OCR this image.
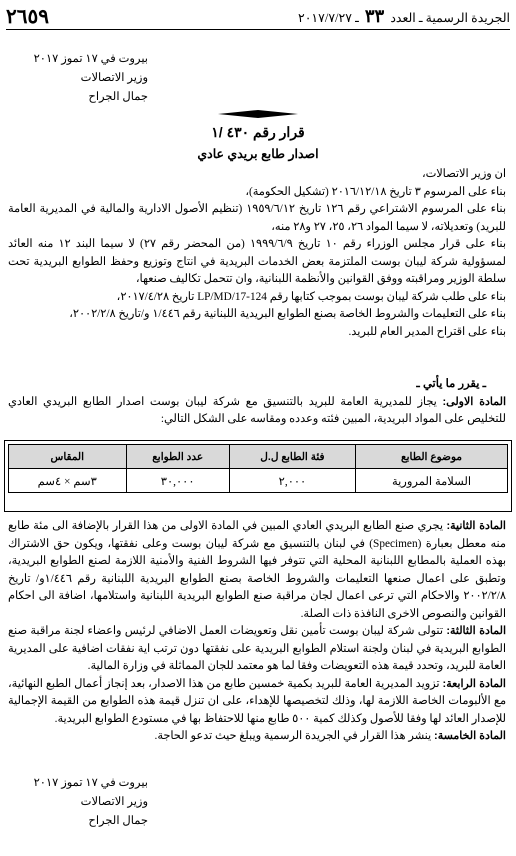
الجريدة الرسمية ـ العدد ٣٣ ـ ٢٠١٧/٧/٢٧
٢٦٥٩
بيروت في ١٧ تموز ٢٠١٧
وزير الاتصالات
جمال الجراح
قرار رقم ٤٣٠ /١
اصدار طابع بريدي عادي

ان وزير الاتصالات،

بناء على المرسوم ٣ تاريخ ٢٠١٦/١٢/١٨ (تشكيل الحكومة)،

بناء على المرسوم الاشتراعي رقم ١٢٦ تاريخ ١٩٥٩/٦/١٢ (تنظيم الأصول الادارية والمالية في المديرية العامة للبريد) وتعديلاته، لا سيما المواد ٢٦، ٢٥، ٢٧ و٢٨ منه،

بناء على قرار مجلس الوزراء رقم ١٠ تاريخ ١٩٩٩/٦/٩ (من المحضر رقم ٢٧) لا سيما البند ١٢ منه العائد لمسؤولية شركة ليبان بوست الملتزمة بعض الخدمات البريدية في انتاج وتوزيع وحفظ الطوابع البريدية تحت سلطة الوزير ومراقبته ووفق القوانين والأنظمة اللبنانية، وان تتحمل تكاليف صنعها،

بناء على طلب شركة ليبان بوست بموجب كتابها رقم LP/MD/17-124 تاريخ ٢٠١٧/٤/٢٨،

بناء على التعليمات والشروط الخاصة بصنع الطوابع البريدية اللبنانية رقم ١/٤٤٦ و/تاريخ ٢٠٠٢/٢/٨،

بناء على اقتراح المدير العام للبريد.

ـ يقرر ما يأتي ـ

المادة الاولى: يجاز للمديرية العامة للبريد بالتنسيق مع شركة ليبان بوست اصدار الطابع البريدي العادي للتخليص على المواد البريدية، المبين فئته وعدده ومقاسه على الشكل التالي:

موضوع الطابع	فئة الطابع ل.ل	عدد الطوابع	المقاس
السلامة المرورية	٢,٠٠٠	٣٠,٠٠٠	٣سم × ٤سم

المادة الثانية: يجري صنع الطابع البريدي العادي المبين في المادة الاولى من هذا القرار بالإضافة الى مئة طابع منه معطل بعبارة (Specimen) في لبنان بالتنسيق مع شركة ليبان بوست وعلى نفقتها، ويكون حق الاشتراك بهذه العملية بالمطابع اللبنانية المحلية التي تتوفر فيها الشروط الفنية والأمنية اللازمة لصنع الطوابع البريدية، وتطبق على اعمال صنعها التعليمات والشروط الخاصة بصنع الطوابع البريدية اللبنانية رقم ١/٤٤٦و/ تاريخ ٢٠٠٢/٢/٨ والاحكام التي ترعى اعمال لجان مراقبة صنع الطوابع البريدية اللبنانية واستلامها، اضافة الى احكام القوانين والنصوص الاخرى النافذة ذات الصلة.

المادة الثالثة: تتولى شركة ليبان بوست تأمين نقل وتعويضات العمل الاضافي لرئيس واعضاء لجنة مراقبة صنع الطوابع البريدية في لبنان ولجنة استلام الطوابع البريدية على نفقتها دون ترتب اية نفقات اضافية على المديرية العامة للبريد، وتحدد قيمة هذه التعويضات وفقا لما هو معتمد للجان المماثلة في وزارة المالية.

المادة الرابعة: تزويد المديرية العامة للبريد بكمية خمسين طابع من هذا الاصدار، بعد إنجاز أعمال الطبع النهائية، مع الألبومات الخاصة اللازمة لها، وذلك لتخصيصها للإهداء، على ان تنزل قيمة هذه الطوابع من القيمة الإجمالية للإصدار العائد لها وفقا للأصول وكذلك كمية ٥٠٠ طابع منها للاحتفاظ بها في مستودع الطوابع البريدية.

المادة الخامسة: ينشر هذا القرار في الجريدة الرسمية ويبلغ حيث تدعو الحاجة.

بيروت في ١٧ تموز ٢٠١٧
وزير الاتصالات
جمال الجراح
